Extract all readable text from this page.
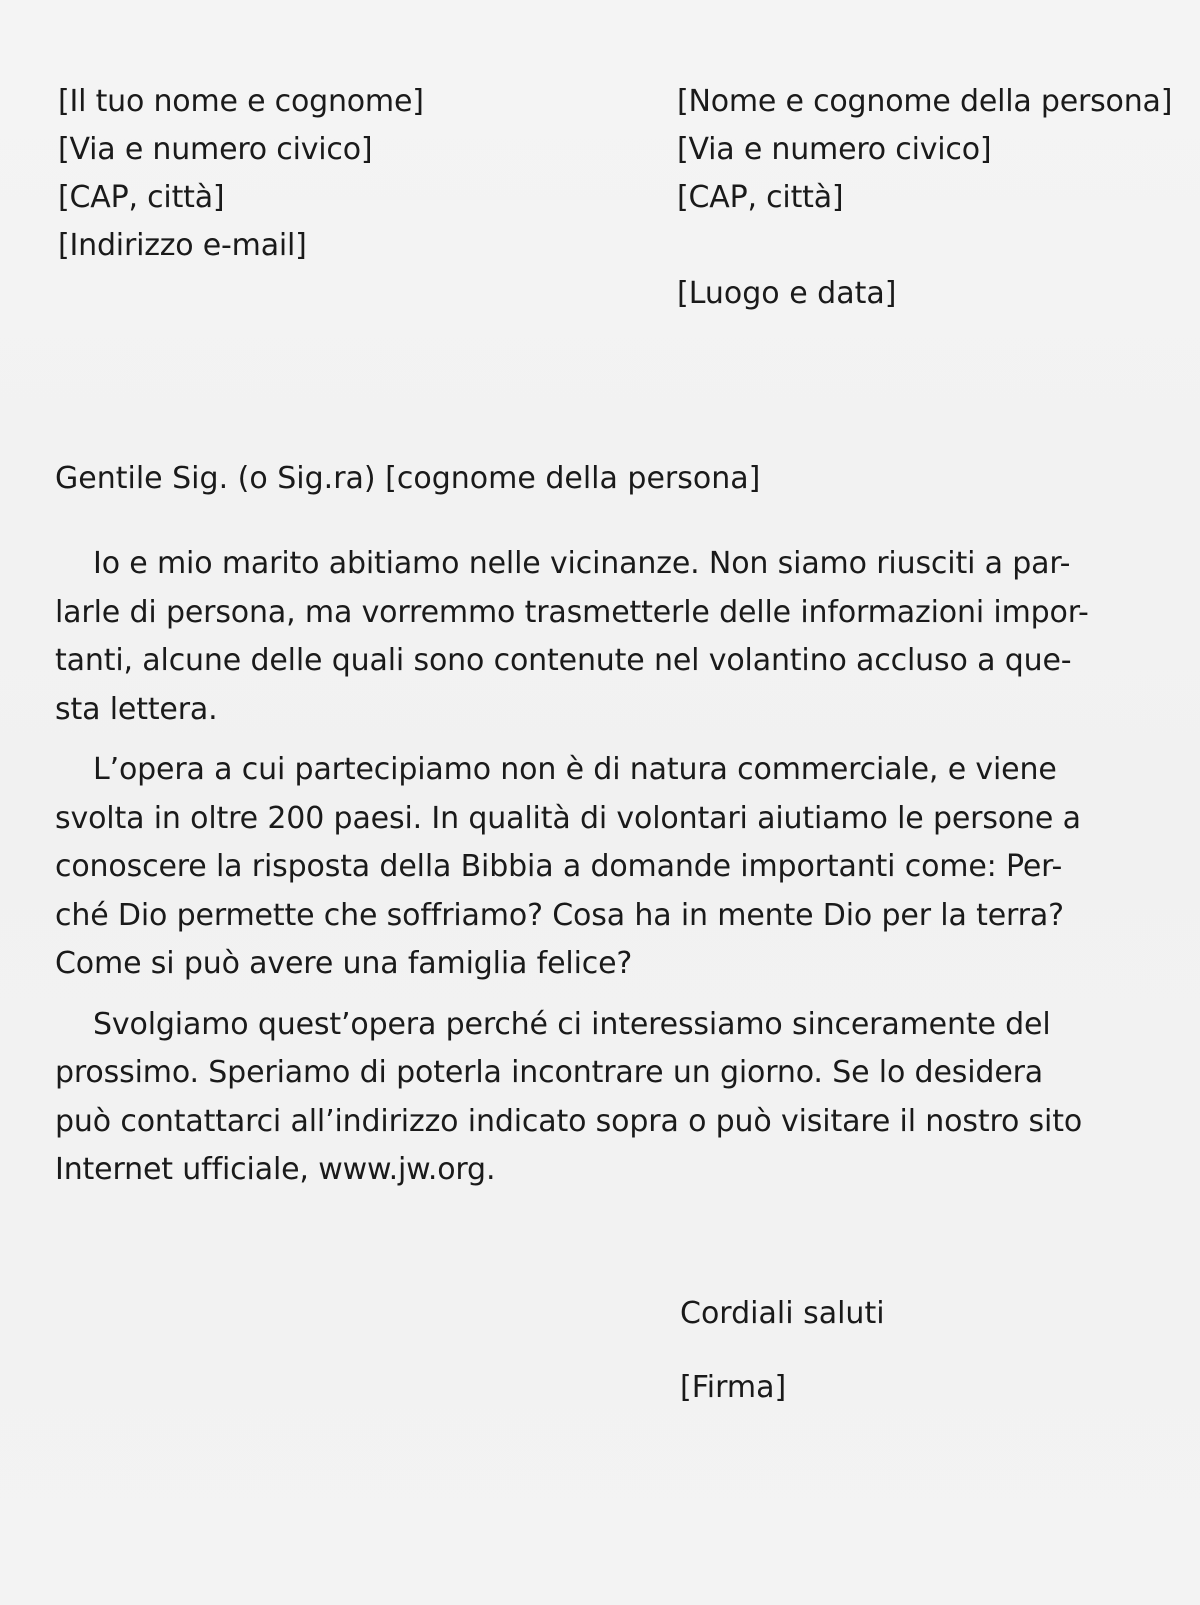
[Il tuo nome e cognome]
[Via e numero civico]
[CAP, città]
[Indirizzo e-mail]
[Nome e cognome della persona]
[Via e numero civico]
[CAP, città]
[Luogo e data]
Gentile Sig. (o Sig.ra) [cognome della persona]
Io e mio marito abitiamo nelle vicinanze. Non siamo riusciti a par-
larle di persona, ma vorremmo trasmetterle delle informazioni impor-
tanti, alcune delle quali sono contenute nel volantino accluso a que-
sta lettera.
L’opera a cui partecipiamo non è di natura commerciale, e viene
svolta in oltre 200 paesi. In qualità di volontari aiutiamo le persone a
conoscere la risposta della Bibbia a domande importanti come: Per-
ché Dio permette che soffriamo? Cosa ha in mente Dio per la terra?
Come si può avere una famiglia felice?
Svolgiamo quest’opera perché ci interessiamo sinceramente del
prossimo. Speriamo di poterla incontrare un giorno. Se lo desidera
può contattarci all’indirizzo indicato sopra o può visitare il nostro sito
Internet ufficiale, www.jw.org.
Cordiali saluti
[Firma]
